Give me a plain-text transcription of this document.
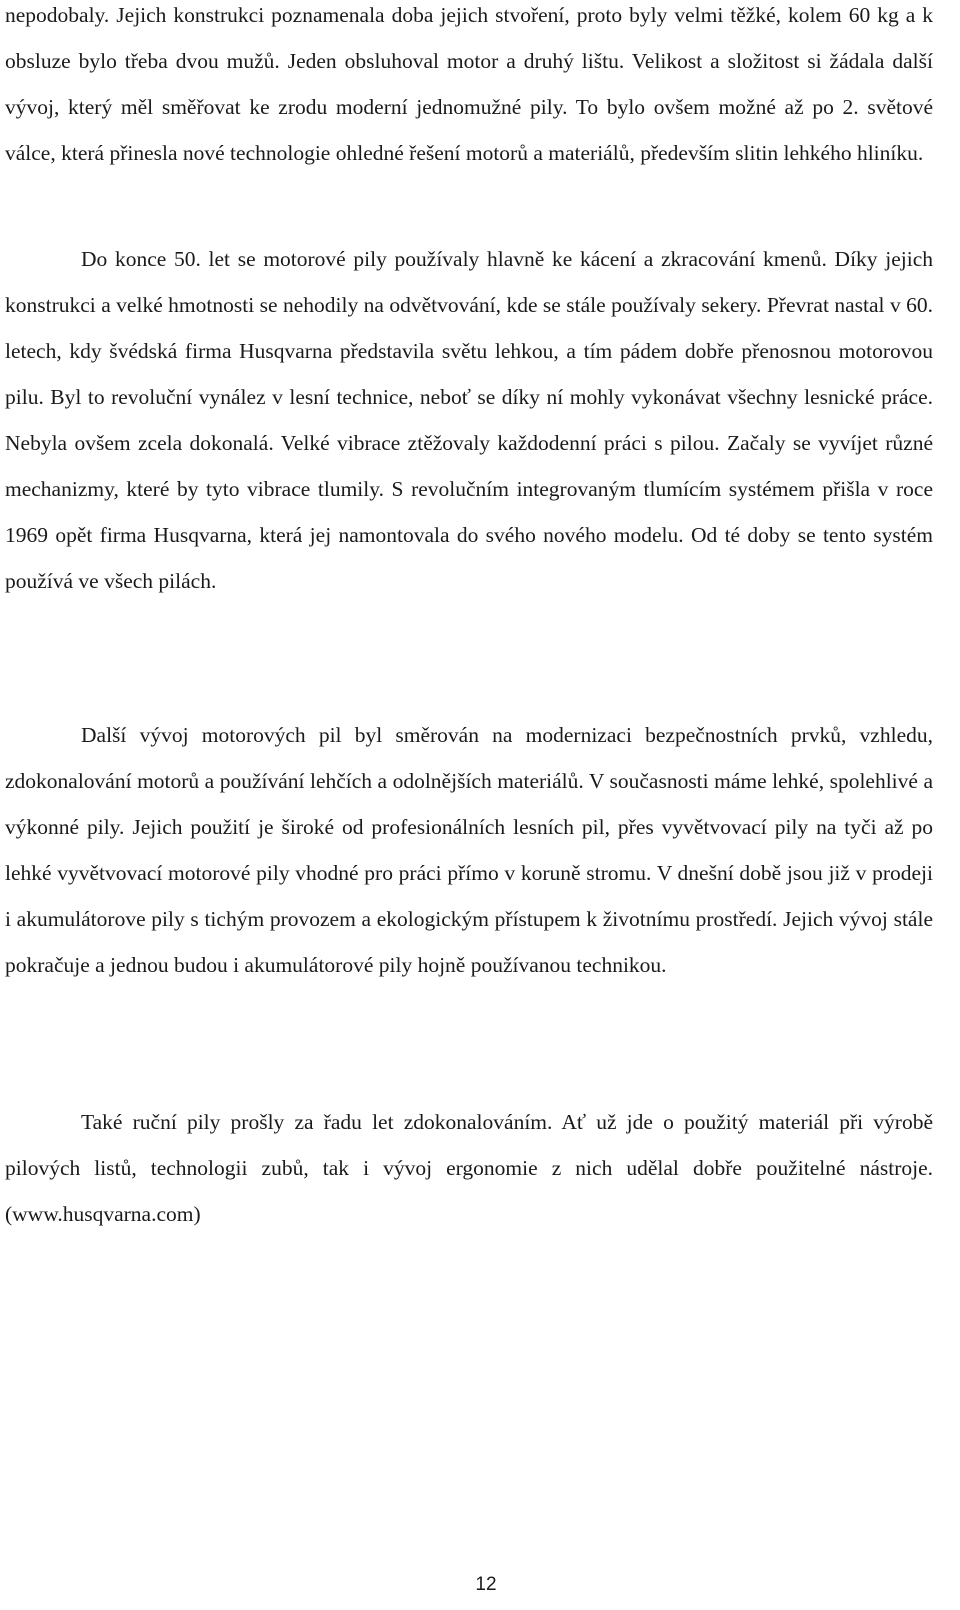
nepodobaly. Jejich konstrukci poznamenala doba jejich stvoření, proto byly velmi těžké, kolem 60 kg a k obsluze bylo třeba dvou mužů. Jeden obsluhoval motor a druhý lištu. Velikost a složitost si žádala další vývoj, který měl směřovat ke zrodu moderní jednomužné pily. To bylo ovšem možné až po 2. světové válce, která přinesla nové technologie ohledné řešení motorů a materiálů, především slitin lehkého hliníku.

Do konce 50. let se motorové pily používaly hlavně ke kácení a zkracování kmenů. Díky jejich konstrukci a velké hmotnosti se nehodily na odvětvování, kde se stále používaly sekery. Převrat nastal v 60. letech, kdy švédská firma Husqvarna představila světu lehkou, a tím pádem dobře přenosnou motorovou pilu. Byl to revoluční vynález v lesní technice, neboť se díky ní mohly vykonávat všechny lesnické práce. Nebyla ovšem zcela dokonalá. Velké vibrace ztěžovaly každodenní práci s pilou. Začaly se vyvíjet různé mechanizmy, které by tyto vibrace tlumily. S revolučním integrovaným tlumícím systémem přišla v roce 1969 opět firma Husqvarna, která jej namontovala do svého nového modelu. Od té doby se tento systém používá ve všech pilách.

Další vývoj motorových pil byl směrován na modernizaci bezpečnostních prvků, vzhledu, zdokonalování motorů a používání lehčích a odolnějších materiálů. V současnosti máme lehké, spolehlivé a výkonné pily. Jejich použití je široké od profesionálních lesních pil, přes vyvětvovací pily na tyči až po lehké vyvětvovací motorové pily vhodné pro práci přímo v koruně stromu. V dnešní době jsou již v prodeji i akumulátorove pily s tichým provozem a ekologickým přístupem k životnímu prostředí. Jejich vývoj stále pokračuje a jednou budou i akumulátorové pily hojně používanou technikou.

Také ruční pily prošly za řadu let zdokonalováním. Ať už jde o použitý materiál při výrobě pilových listů, technologii zubů, tak i vývoj ergonomie z nich udělal dobře použitelné nástroje. (www.husqvarna.com)

12
